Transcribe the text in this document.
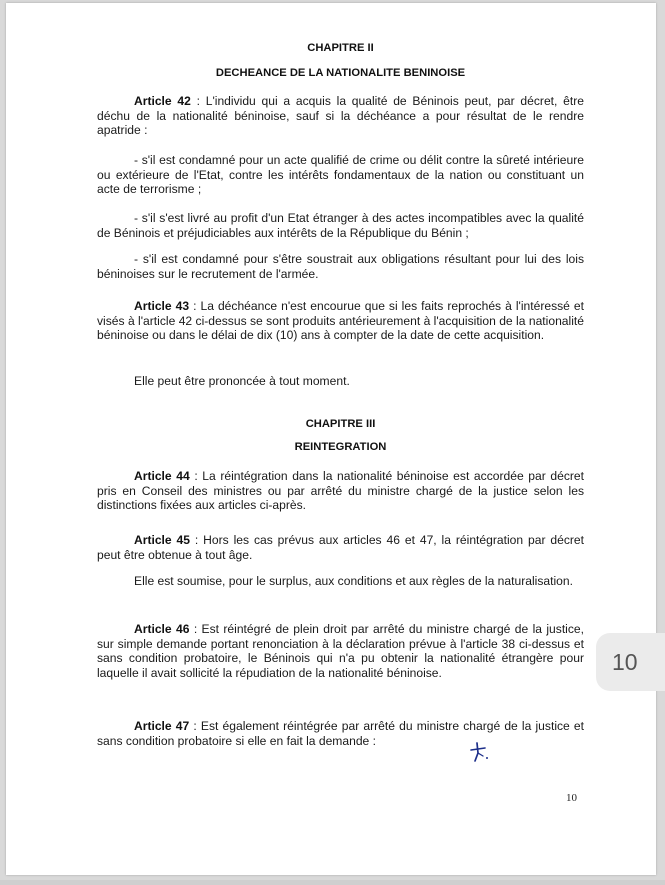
CHAPITRE II
DECHEANCE DE LA NATIONALITE BENINOISE

Article 42 : L'individu qui a acquis la qualité de Béninois peut, par décret, être déchu de la nationalité béninoise, sauf si la déchéance a pour résultat de le rendre apatride :

- s'il est condamné pour un acte qualifié de crime ou délit contre la sûreté intérieure ou extérieure de l'Etat, contre les intérêts fondamentaux de la nation ou constituant un acte de terrorisme ;

- s'il s'est livré au profit d'un Etat étranger à des actes incompatibles avec la qualité de Béninois et préjudiciables aux intérêts de la République du Bénin ;

- s'il est condamné pour s'être soustrait aux obligations résultant pour lui des lois béninoises sur le recrutement de l'armée.

Article 43 : La déchéance n'est encourue que si les faits reprochés à l'intéressé et visés à l'article 42 ci-dessus se sont produits antérieurement à l'acquisition de la nationalité béninoise ou dans le délai de dix (10) ans à compter de la date de cette acquisition.

Elle peut être prononcée à tout moment.

CHAPITRE III
REINTEGRATION

Article 44 : La réintégration dans la nationalité béninoise est accordée par décret pris en Conseil des ministres ou par arrêté du ministre chargé de la justice selon les distinctions fixées aux articles ci-après.

Article 45 : Hors les cas prévus aux articles 46 et 47, la réintégration par décret peut être obtenue à tout âge.

Elle est soumise, pour le surplus, aux conditions et aux règles de la naturalisation.

Article 46 : Est réintégré de plein droit par arrêté du ministre chargé de la justice, sur simple demande portant renonciation à la déclaration prévue à l'article 38 ci-dessus et sans condition probatoire, le Béninois qui n'a pu obtenir la nationalité étrangère pour laquelle il avait sollicité la répudiation de la nationalité béninoise.

Article 47 : Est également réintégrée par arrêté du ministre chargé de la justice et sans condition probatoire si elle en fait la demande :

10
10
